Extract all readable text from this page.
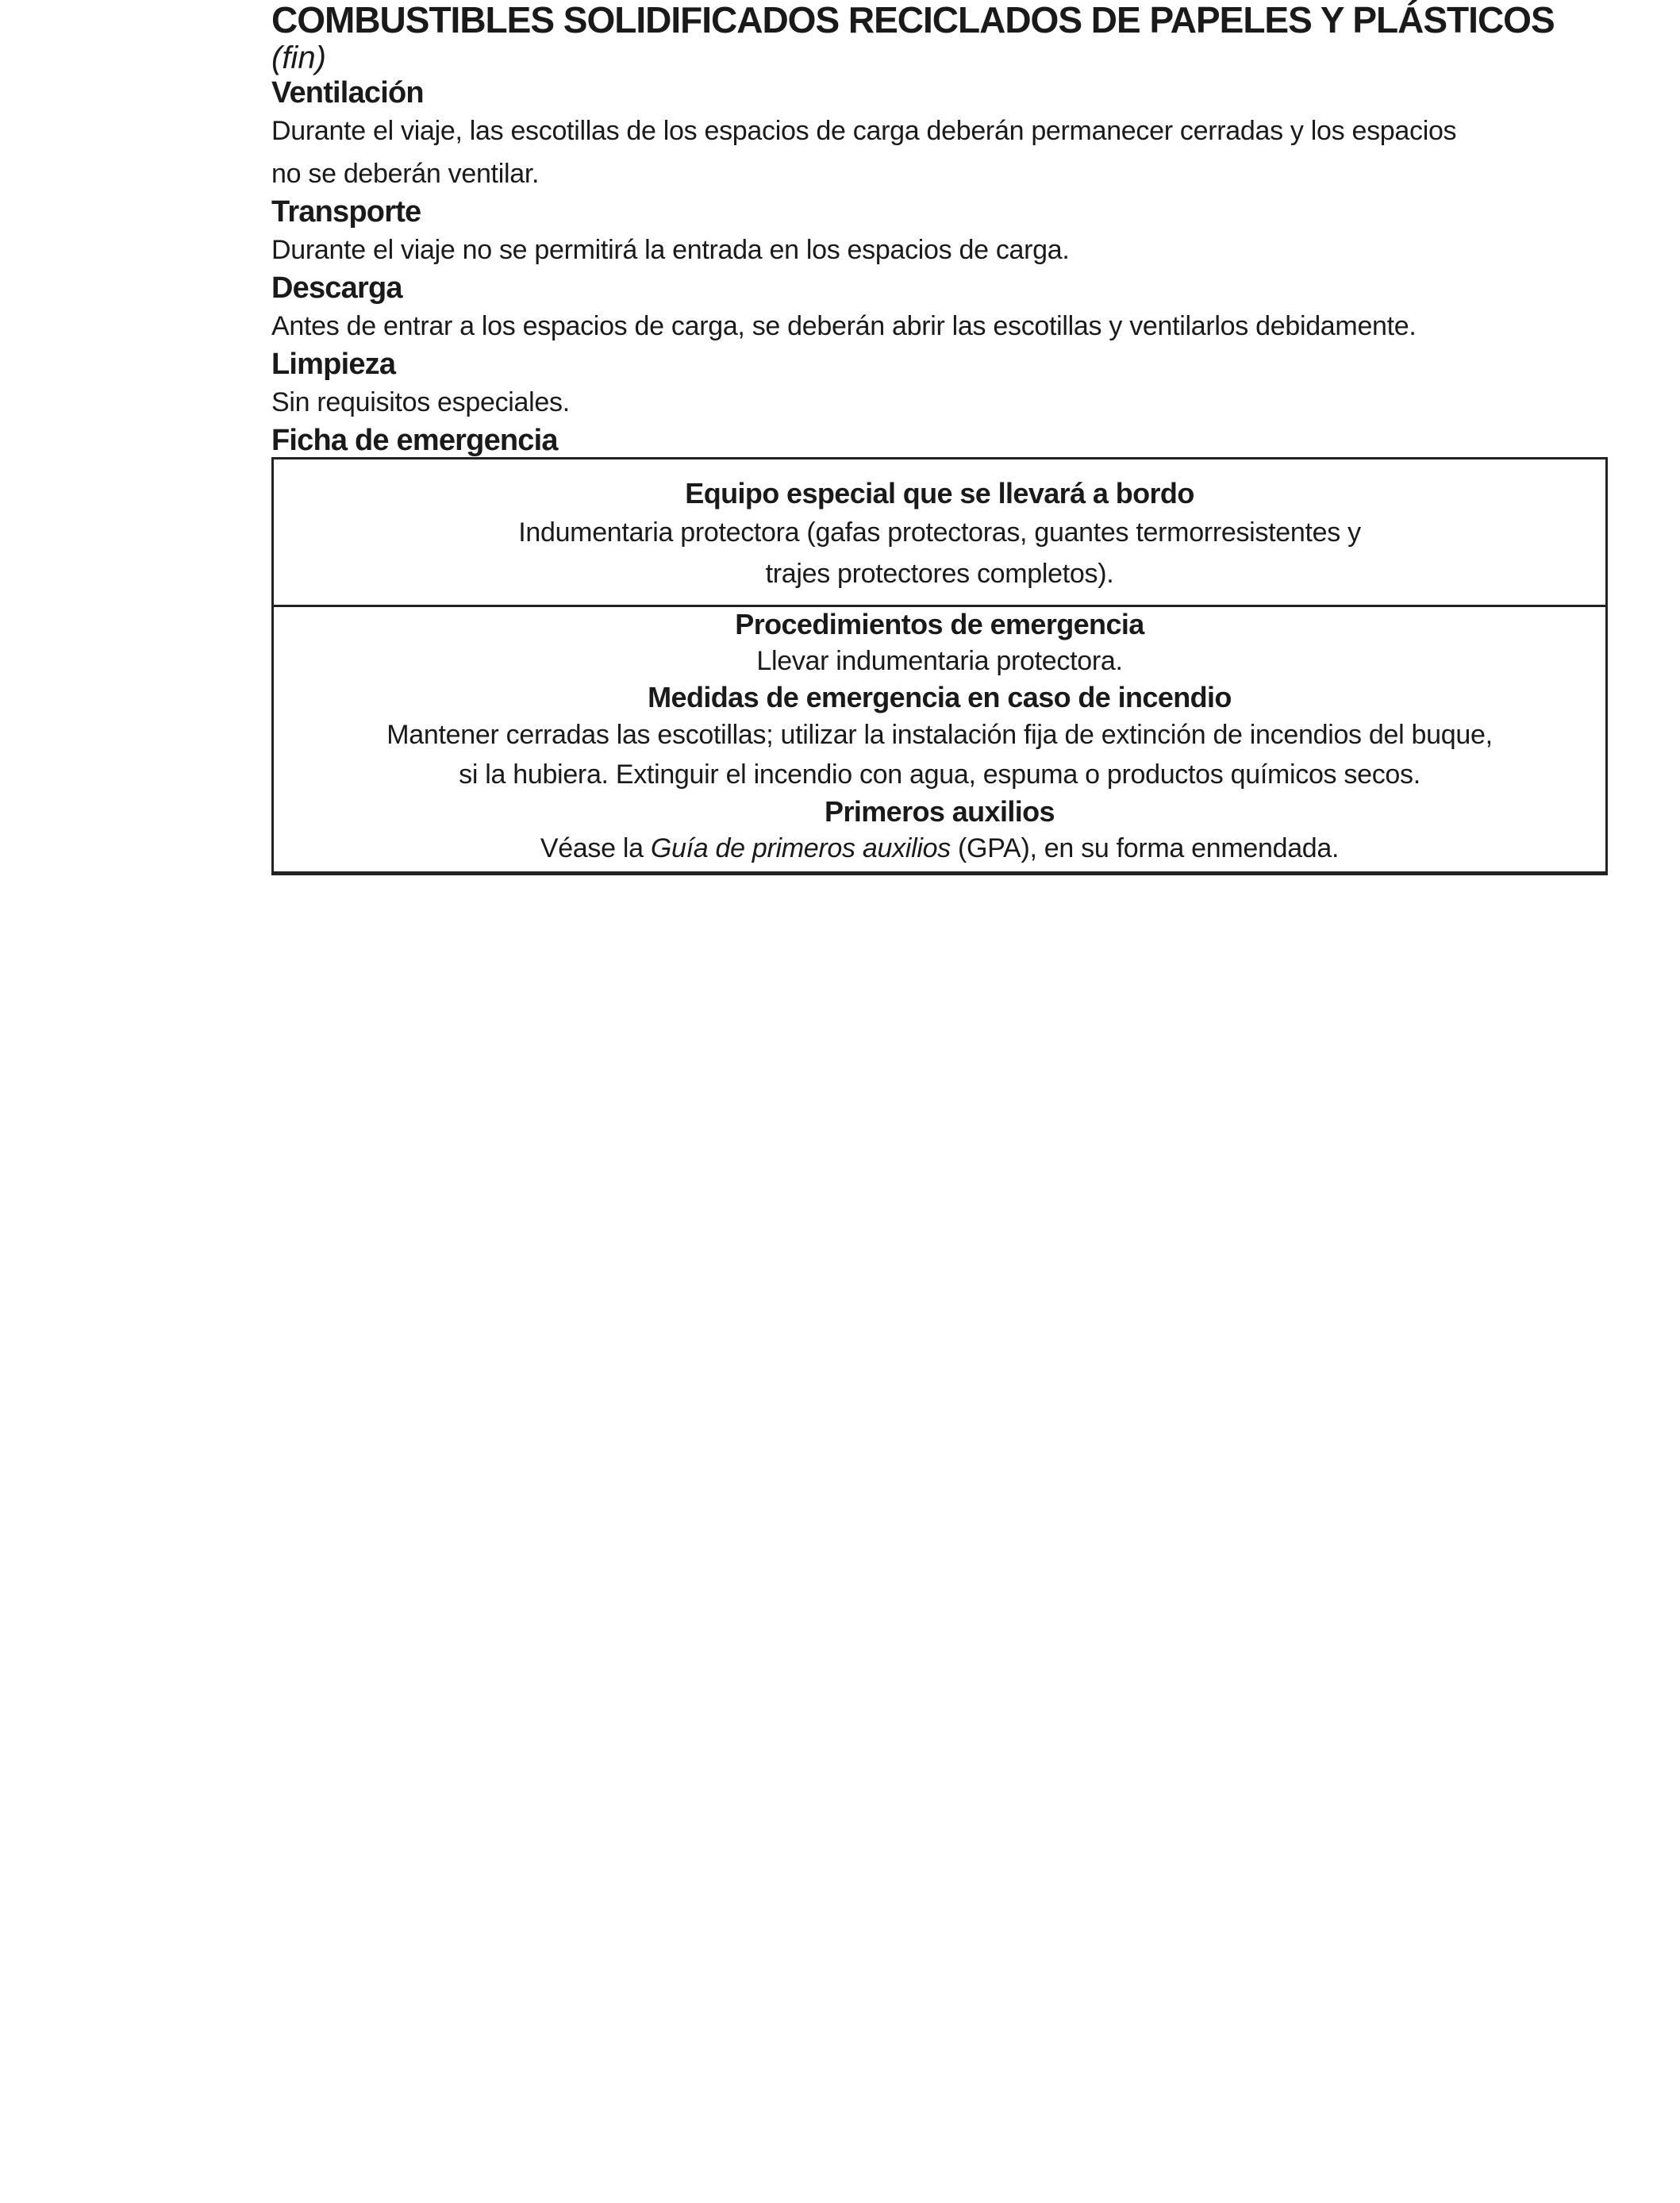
COMBUSTIBLES SOLIDIFICADOS RECICLADOS DE PAPELES Y PLÁSTICOS
(fin)
Ventilación
Durante el viaje, las escotillas de los espacios de carga deberán permanecer cerradas y los espacios
no se deberán ventilar.
Transporte
Durante el viaje no se permitirá la entrada en los espacios de carga.
Descarga
Antes de entrar a los espacios de carga, se deberán abrir las escotillas y ventilarlos debidamente.
Limpieza
Sin requisitos especiales.
Ficha de emergencia
Equipo especial que se llevará a bordo
Indumentaria protectora (gafas protectoras, guantes termorresistentes y
trajes protectores completos).
Procedimientos de emergencia
Llevar indumentaria protectora.
Medidas de emergencia en caso de incendio
Mantener cerradas las escotillas; utilizar la instalación fija de extinción de incendios del buque,
si la hubiera. Extinguir el incendio con agua, espuma o productos químicos secos.
Primeros auxilios
Véase la Guía de primeros auxilios (GPA), en su forma enmendada.
